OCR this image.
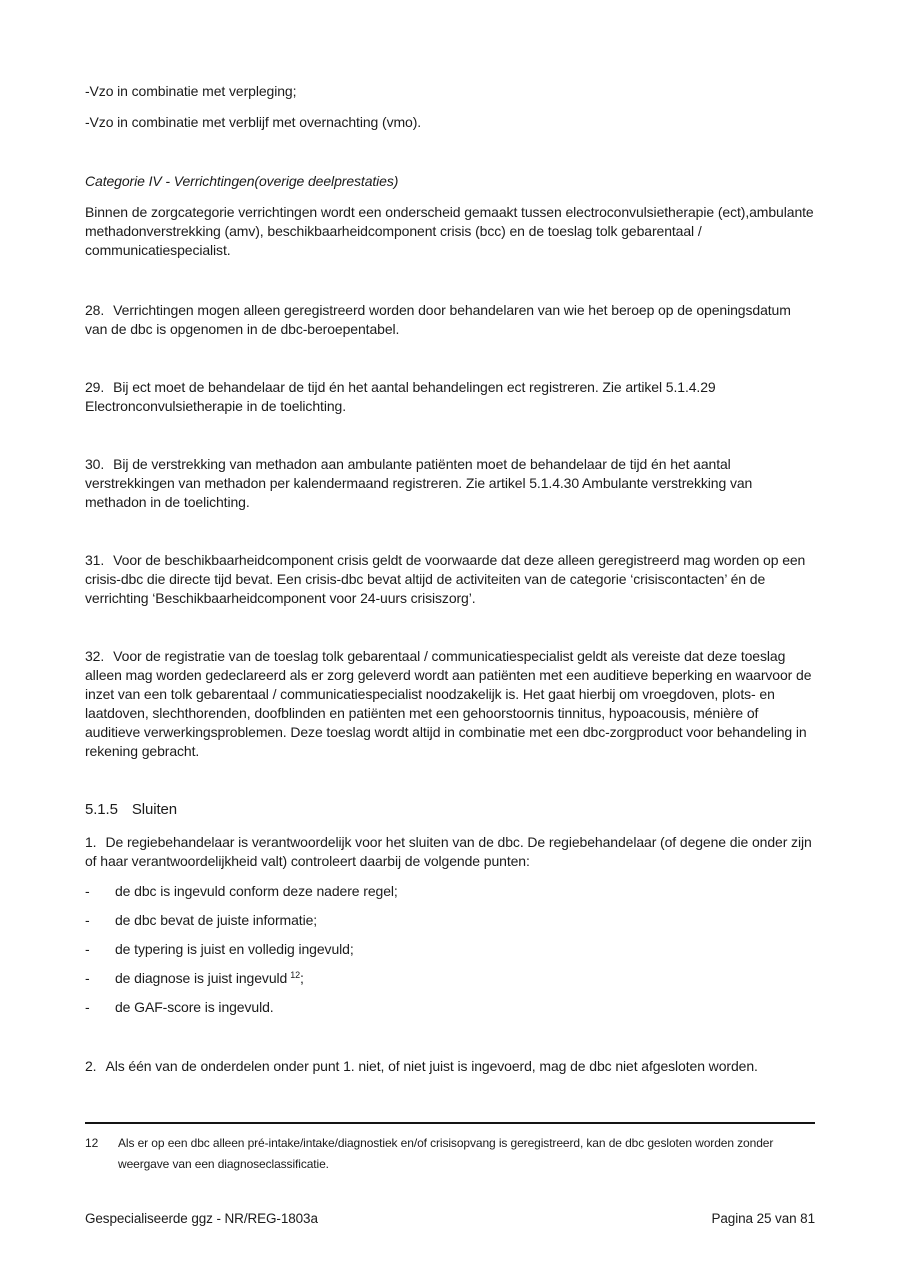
-Vzo in combinatie met verpleging;

-Vzo in combinatie met verblijf met overnachting (vmo).

Categorie IV - Verrichtingen(overige deelprestaties)

Binnen de zorgcategorie verrichtingen wordt een onderscheid gemaakt tussen electroconvulsietherapie (ect),ambulante methadonverstrekking (amv), beschikbaarheidcomponent crisis (bcc) en de toeslag tolk gebarentaal / communicatiespecialist.

28. Verrichtingen mogen alleen geregistreerd worden door behandelaren van wie het beroep op de openingsdatum van de dbc is opgenomen in de dbc-beroepentabel.

29. Bij ect moet de behandelaar de tijd én het aantal behandelingen ect registreren. Zie artikel 5.1.4.29 Electronconvulsietherapie in de toelichting.

30. Bij de verstrekking van methadon aan ambulante patiënten moet de behandelaar de tijd én het aantal verstrekkingen van methadon per kalendermaand registreren. Zie artikel 5.1.4.30 Ambulante verstrekking van methadon in de toelichting.

31. Voor de beschikbaarheidcomponent crisis geldt de voorwaarde dat deze alleen geregistreerd mag worden op een crisis-dbc die directe tijd bevat. Een crisis-dbc bevat altijd de activiteiten van de categorie ‘crisiscontacten’ én de verrichting ‘Beschikbaarheidcomponent voor 24-uurs crisiszorg’.

32. Voor de registratie van de toeslag tolk gebarentaal / communicatiespecialist geldt als vereiste dat deze toeslag alleen mag worden gedeclareerd als er zorg geleverd wordt aan patiënten met een auditieve beperking en waarvoor de inzet van een tolk gebarentaal / communicatiespecialist noodzakelijk is. Het gaat hierbij om vroegdoven, plots- en laatdoven, slechthorenden, doofblinden en patiënten met een gehoorstoornis tinnitus, hypoacousis, ménière of auditieve verwerkingsproblemen. Deze toeslag wordt altijd in combinatie met een dbc-zorgproduct voor behandeling in rekening gebracht.

5.1.5 Sluiten

1. De regiebehandelaar is verantwoordelijk voor het sluiten van de dbc. De regiebehandelaar (of degene die onder zijn of haar verantwoordelijkheid valt) controleert daarbij de volgende punten:

-	de dbc is ingevuld conform deze nadere regel;
-	de dbc bevat de juiste informatie;
-	de typering is juist en volledig ingevuld;
-	de diagnose is juist ingevuld $^{12}$;
-	de GAF-score is ingevuld.

2. Als één van de onderdelen onder punt 1. niet, of niet juist is ingevoerd, mag de dbc niet afgesloten worden.

12	Als er op een dbc alleen pré-intake/intake/diagnostiek en/of crisisopvang is geregistreerd, kan de dbc gesloten worden zonder weergave van een diagnoseclassificatie.
Gespecialiseerde ggz - NR/REG-1803a	Pagina 25 van 81
